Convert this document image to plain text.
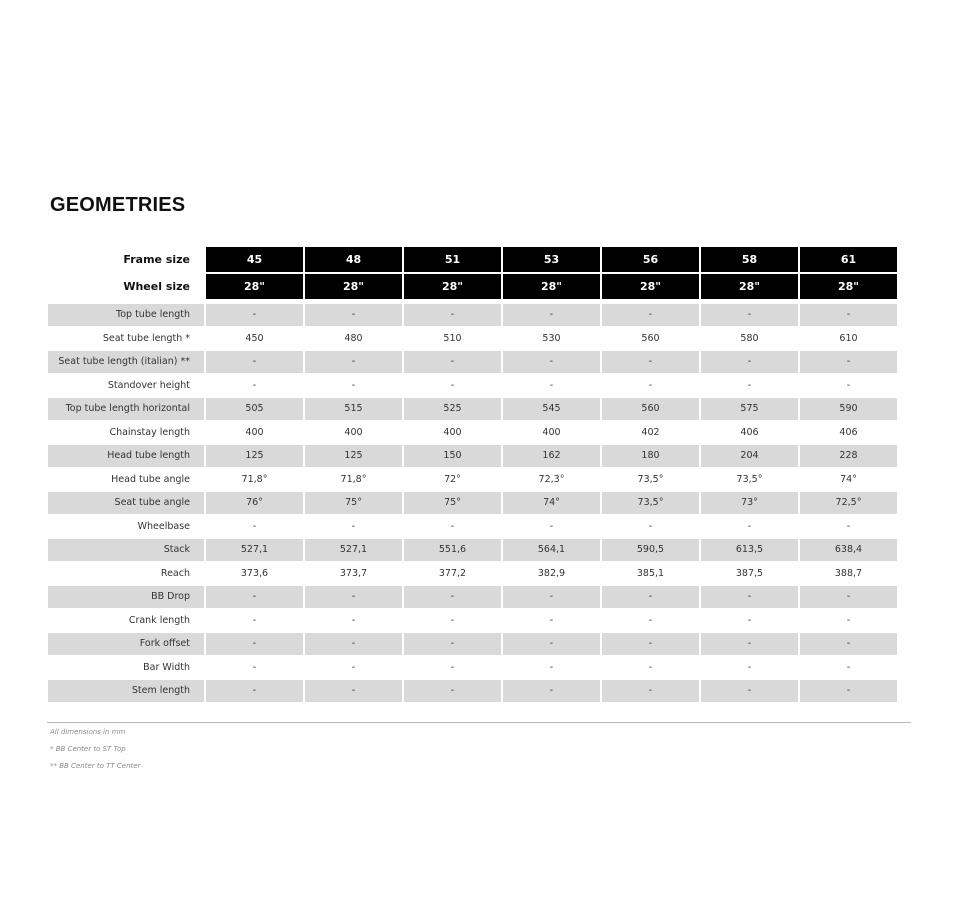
GEOMETRIES
Frame size	45	48	51	53	56	58	61
Wheel size	28"	28"	28"	28"	28"	28"	28"

Top tube length	-	-	-	-	-	-	-
Seat tube length *	450	480	510	530	560	580	610
Seat tube length (italian) **	-	-	-	-	-	-	-
Standover height	-	-	-	-	-	-	-
Top tube length horizontal	505	515	525	545	560	575	590
Chainstay length	400	400	400	400	402	406	406
Head tube length	125	125	150	162	180	204	228
Head tube angle	71,8°	71,8°	72°	72,3°	73,5°	73,5°	74°
Seat tube angle	76°	75°	75°	74°	73,5°	73°	72,5°
Wheelbase	-	-	-	-	-	-	-
Stack	527,1	527,1	551,6	564,1	590,5	613,5	638,4
Reach	373,6	373,7	377,2	382,9	385,1	387,5	388,7
BB Drop	-	-	-	-	-	-	-
Crank length	-	-	-	-	-	-	-
Fork offset	-	-	-	-	-	-	-
Bar Width	-	-	-	-	-	-	-
Stem length	-	-	-	-	-	-	-
All dimensions in mm
* BB Center to ST Top
** BB Center to TT Center
